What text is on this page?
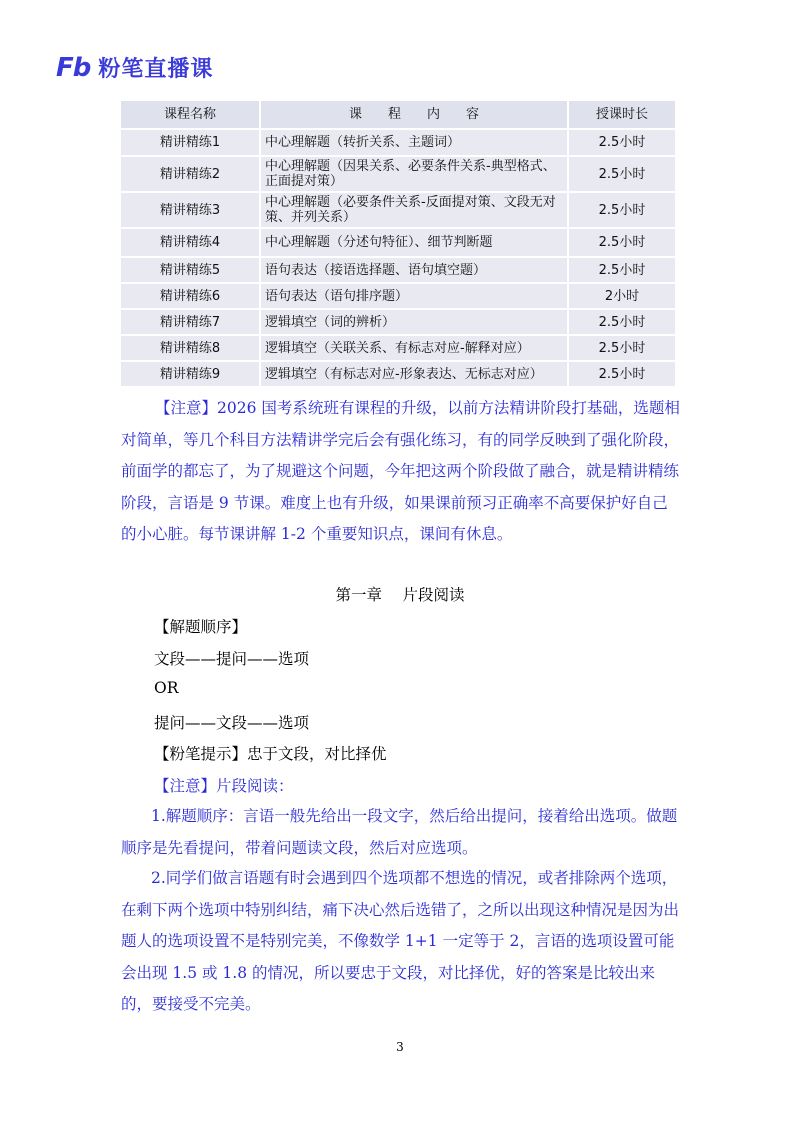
Fb 粉笔直播课
课程名称	课　　程　　内　　容	授课时长
精讲精练1	中心理解题（转折关系、主题词）	2.5小时
精讲精练2	中心理解题（因果关系、必要条件关系-典型格式、正面提对策）	2.5小时
精讲精练3	中心理解题（必要条件关系-反面提对策、文段无对策、并列关系）	2.5小时
精讲精练4	中心理解题（分述句特征）、细节判断题	2.5小时
精讲精练5	语句表达（接语选择题、语句填空题）	2.5小时
精讲精练6	语句表达（语句排序题）	2小时
精讲精练7	逻辑填空（词的辨析）	2.5小时
精讲精练8	逻辑填空（关联关系、有标志对应-解释对应）	2.5小时
精讲精练9	逻辑填空（有标志对应-形象表达、无标志对应）	2.5小时
【注意】2026 国考系统班有课程的升级，以前方法精讲阶段打基础，选题相对简单，等几个科目方法精讲学完后会有强化练习，有的同学反映到了强化阶段，前面学的都忘了，为了规避这个问题，今年把这两个阶段做了融合，就是精讲精练阶段，言语是 9 节课。难度上也有升级，如果课前预习正确率不高要保护好自己的小心脏。每节课讲解 1-2 个重要知识点，课间有休息。
第一章　 片段阅读
【解题顺序】
文段——提问——选项
OR
提问——文段——选项
【粉笔提示】忠于文段，对比择优
【注意】片段阅读：
1.解题顺序：言语一般先给出一段文字，然后给出提问，接着给出选项。做题顺序是先看提问，带着问题读文段，然后对应选项。
2.同学们做言语题有时会遇到四个选项都不想选的情况，或者排除两个选项，在剩下两个选项中特别纠结，痛下决心然后选错了，之所以出现这种情况是因为出题人的选项设置不是特别完美，不像数学 1+1 一定等于 2，言语的选项设置可能会出现 1.5 或 1.8 的情况，所以要忠于文段，对比择优，好的答案是比较出来的，要接受不完美。
3
